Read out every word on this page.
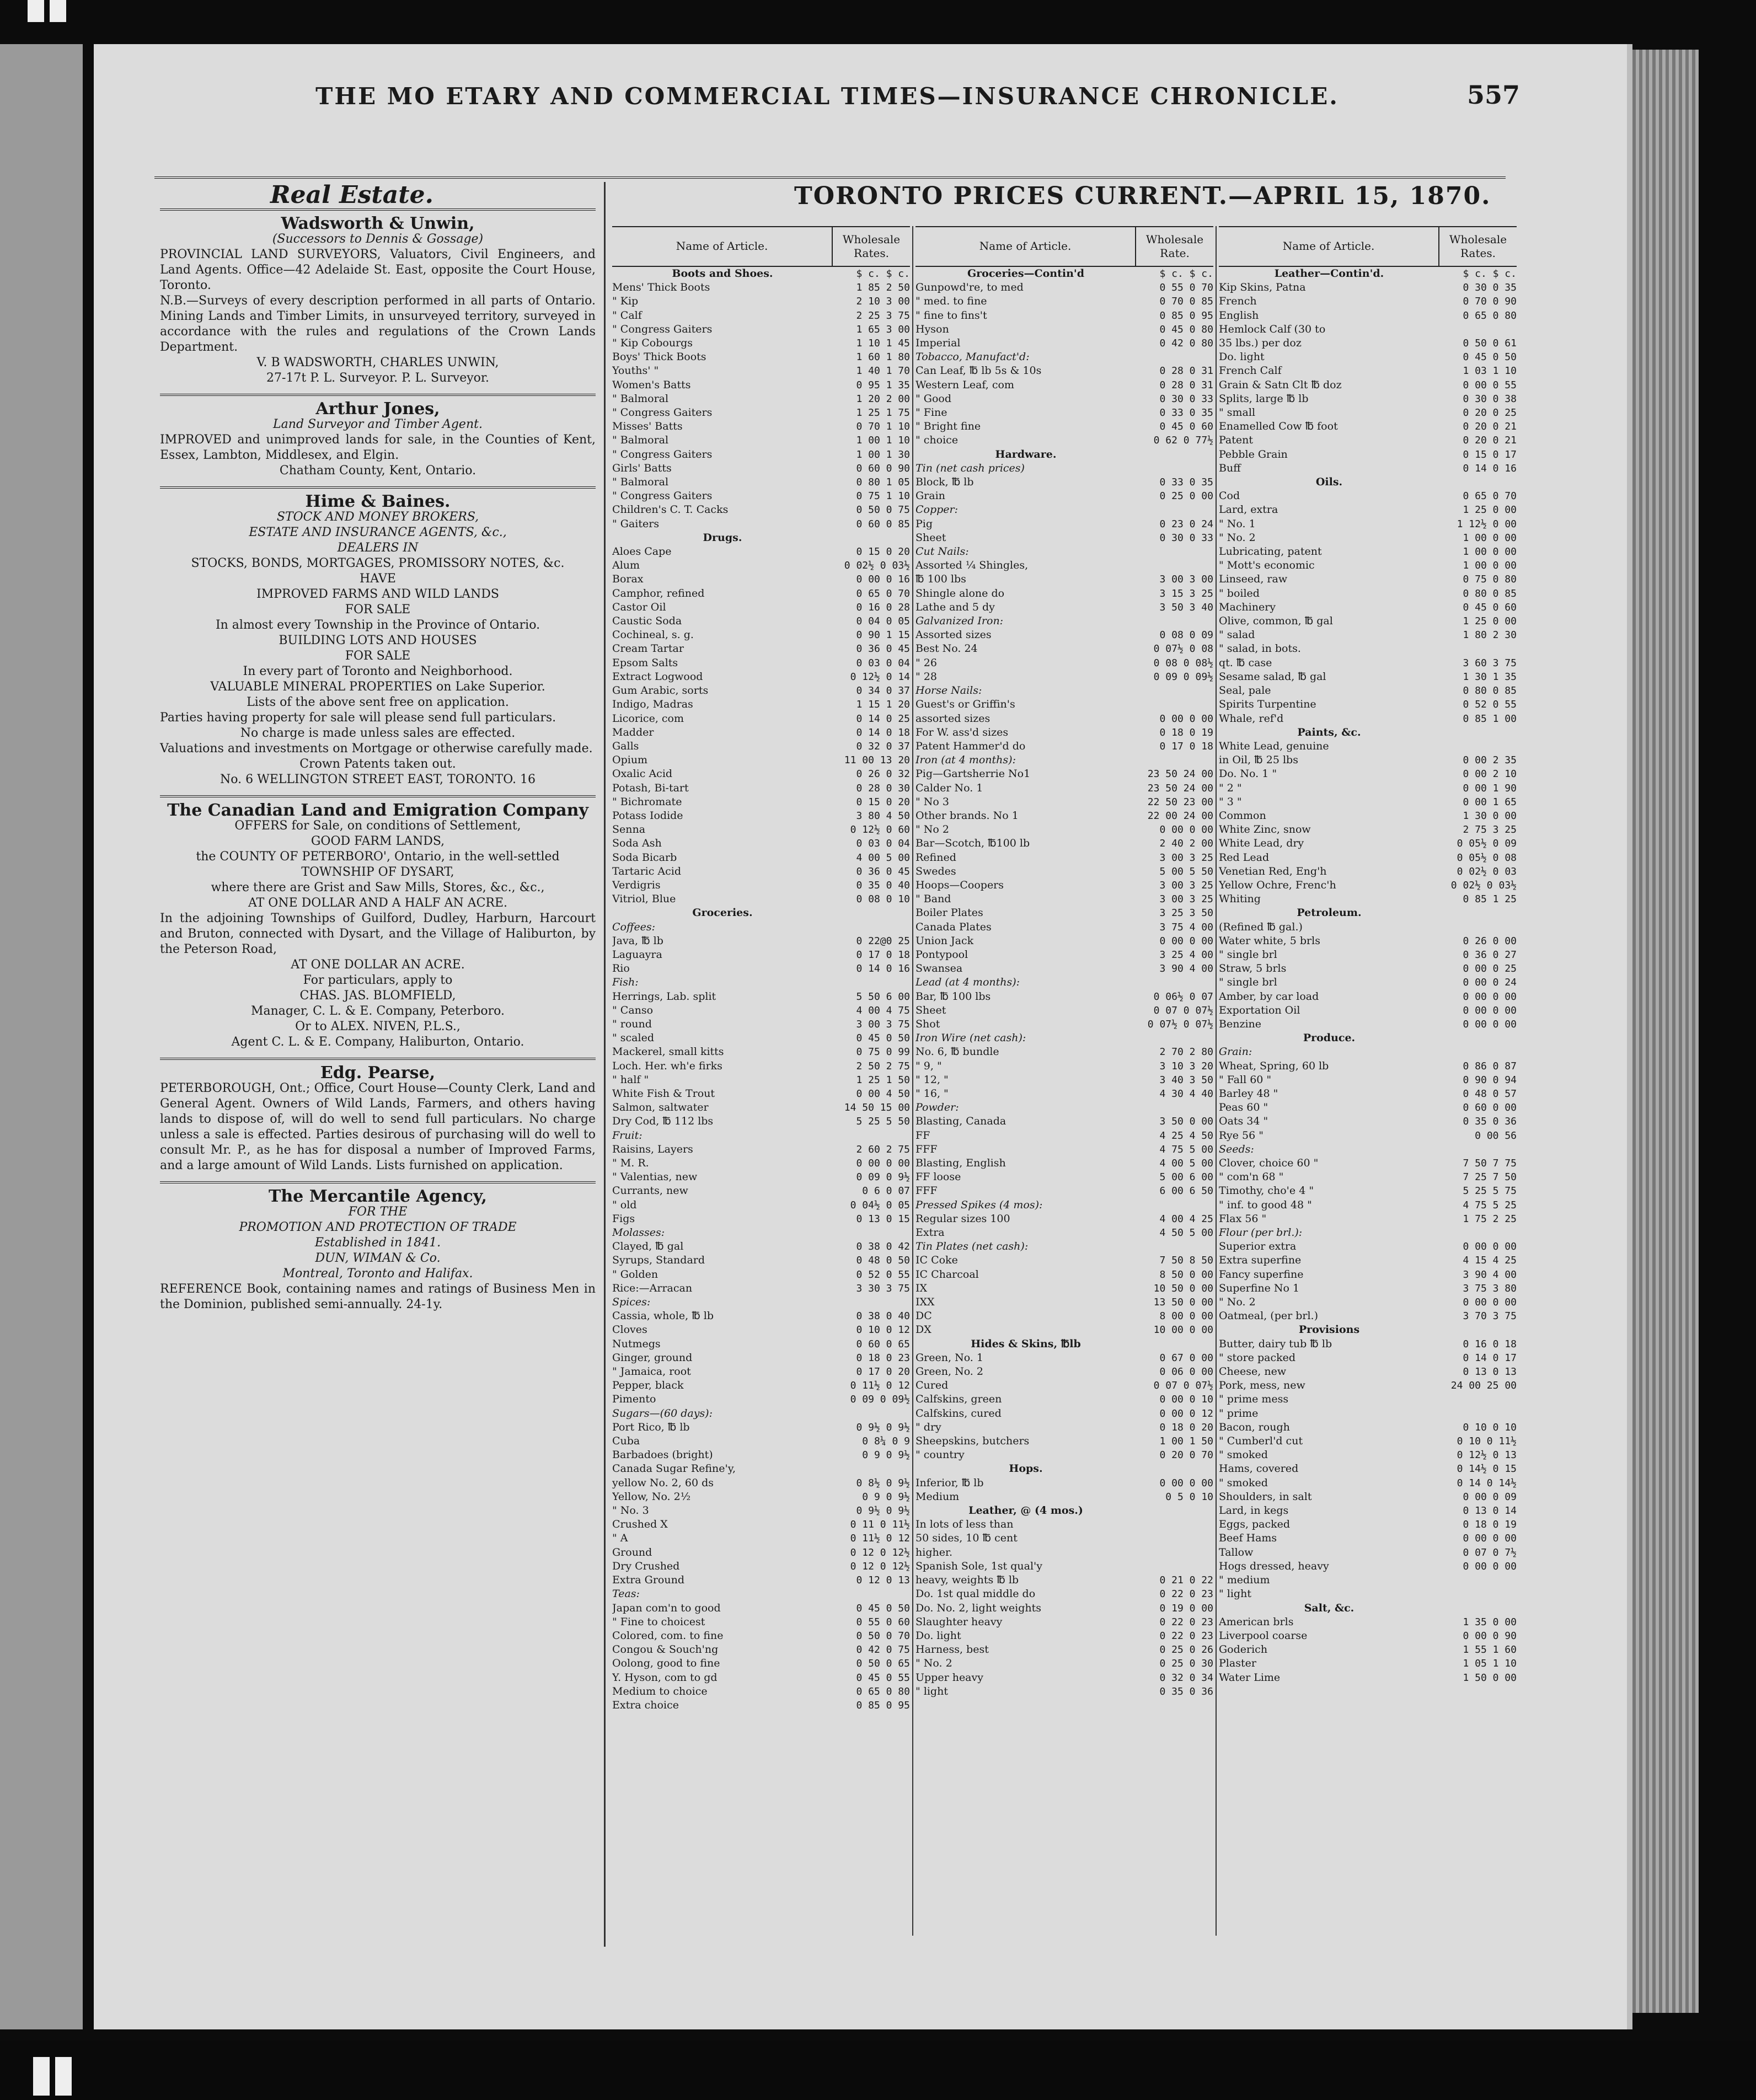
THE MO ETARY AND COMMERCIAL TIMES—INSURANCE CHRONICLE.	557
Real Estate.
Wadsworth & Unwin,
(Successors to Dennis & Gossage)
PROVINCIAL LAND SURVEYORS, Valuators, Civil Engineers, and Land Agents. Office—42 Adelaide St. East, opposite the Court House, Toronto.
N.B.—Surveys of every description performed in all parts of Ontario. Mining Lands and Timber Limits, in unsurveyed territory, surveyed in accordance with the rules and regulations of the Crown Lands Department.
V. B WADSWORTH, CHARLES UNWIN,
27-17t P. L. Surveyor. P. L. Surveyor.
Arthur Jones,
Land Surveyor and Timber Agent.
IMPROVED and unimproved lands for sale, in the Counties of Kent, Essex, Lambton, Middlesex, and Elgin.
Chatham County, Kent, Ontario.
Hime & Baines.
STOCK AND MONEY BROKERS,
ESTATE AND INSURANCE AGENTS, &c.,
DEALERS IN
STOCKS, BONDS, MORTGAGES, PROMISSORY NOTES, &c.
HAVE
IMPROVED FARMS AND WILD LANDS
FOR SALE
In almost every Township in the Province of Ontario.
BUILDING LOTS AND HOUSES
FOR SALE
In every part of Toronto and Neighborhood.
VALUABLE MINERAL PROPERTIES on Lake Superior.
Lists of the above sent free on application.
Parties having property for sale will please send full particulars.
No charge is made unless sales are effected.
Valuations and investments on Mortgage or otherwise carefully made.
Crown Patents taken out.
No. 6 WELLINGTON STREET EAST, TORONTO. 16
The Canadian Land and Emigration Company
OFFERS for Sale, on conditions of Settlement,
GOOD FARM LANDS,
the COUNTY OF PETERBORO', Ontario, in the well-settled
TOWNSHIP OF DYSART,
where there are Grist and Saw Mills, Stores, &c., &c.,
AT ONE DOLLAR AND A HALF AN ACRE.
In the adjoining Townships of Guilford, Dudley, Harburn, Harcourt and Bruton, connected with Dysart, and the Village of Haliburton, by the Peterson Road,
AT ONE DOLLAR AN ACRE.
For particulars, apply to
CHAS. JAS. BLOMFIELD,
Manager, C. L. & E. Company, Peterboro.
Or to ALEX. NIVEN, P.L.S.,
Agent C. L. & E. Company, Haliburton, Ontario.
Edg. Pearse,
PETERBOROUGH, Ont.; Office, Court House—County Clerk, Land and General Agent. Owners of Wild Lands, Farmers, and others having lands to dispose of, will do well to send full particulars. No charge unless a sale is effected. Parties desirous of purchasing will do well to consult Mr. P., as he has for disposal a number of Improved Farms, and a large amount of Wild Lands. Lists furnished on application.
The Mercantile Agency,
FOR THE
PROMOTION AND PROTECTION OF TRADE
Established in 1841.
DUN, WIMAN & Co.
Montreal, Toronto and Halifax.
REFERENCE Book, containing names and ratings of Business Men in the Dominion, published semi-annually. 24-1y.
TORONTO PRICES CURRENT.—APRIL 15, 1870.
Name of Article.
Wholesale Rates.
Boots and Shoes.	$ c. $ c.
Mens' Thick Boots	1 85 2 50
" Kip	2 10 3 00
" Calf	2 25 3 75
" Congress Gaiters	1 65 3 00
" Kip Cobourgs	1 10 1 45
Boys' Thick Boots	1 60 1 80
Youths' "	1 40 1 70
Women's Batts	0 95 1 35
" Balmoral	1 20 2 00
" Congress Gaiters	1 25 1 75
Misses' Batts	0 70 1 10
" Balmoral	1 00 1 10
" Congress Gaiters	1 00 1 30
Girls' Batts	0 60 0 90
" Balmoral	0 80 1 05
" Congress Gaiters	0 75 1 10
Children's C. T. Cacks	0 50 0 75
" Gaiters	0 60 0 85
Drugs.
Aloes Cape	0 15 0 20
Alum	0 02½ 0 03½
Borax	0 00 0 16
Camphor, refined	0 65 0 70
Castor Oil	0 16 0 28
Caustic Soda	0 04 0 05
Cochineal, s. g.	0 90 1 15
Cream Tartar	0 36 0 45
Epsom Salts	0 03 0 04
Extract Logwood	0 12½ 0 14
Gum Arabic, sorts	0 34 0 37
Indigo, Madras	1 15 1 20
Licorice, com	0 14 0 25
Madder	0 14 0 18
Galls	0 32 0 37
Opium	11 00 13 20
Oxalic Acid	0 26 0 32
Potash, Bi-tart	0 28 0 30
" Bichromate	0 15 0 20
Potass Iodide	3 80 4 50
Senna	0 12½ 0 60
Soda Ash	0 03 0 04
Soda Bicarb	4 00 5 00
Tartaric Acid	0 36 0 45
Verdigris	0 35 0 40
Vitriol, Blue	0 08 0 10
Groceries.
Coffees:
Java, ℔ lb	0 22@0 25
Laguayra	0 17 0 18
Rio	0 14 0 16
Fish:
Herrings, Lab. split	5 50 6 00
" Canso	4 00 4 75
" round	3 00 3 75
" scaled	0 45 0 50
Mackerel, small kitts	0 75 0 99
Loch. Her. wh'e firks	2 50 2 75
" half "	1 25 1 50
White Fish & Trout	0 00 4 50
Salmon, saltwater	14 50 15 00
Dry Cod, ℔ 112 lbs	5 25 5 50
Fruit:
Raisins, Layers	2 60 2 75
" M. R.	0 00 0 00
" Valentias, new	0 09 0 9½
Currants, new	0 6 0 07
" old	0 04½ 0 05
Figs	0 13 0 15
Molasses:
Clayed, ℔ gal	0 38 0 42
Syrups, Standard	0 48 0 50
" Golden	0 52 0 55
Rice:—Arracan	3 30 3 75
Spices:
Cassia, whole, ℔ lb	0 38 0 40
Cloves	0 10 0 12
Nutmegs	0 60 0 65
Ginger, ground	0 18 0 23
" Jamaica, root	0 17 0 20
Pepper, black	0 11½ 0 12
Pimento	0 09 0 09½
Sugars—(60 days):
Port Rico, ℔ lb	0 9½ 0 9½
Cuba	0 8¼ 0 9
Barbadoes (bright)	0 9 0 9½
Canada Sugar Refine'y,
yellow No. 2, 60 ds	0 8½ 0 9½
Yellow, No. 2½	0 9 0 9½
" No. 3	0 9½ 0 9½
Crushed X	0 11 0 11½
" A	0 11½ 0 12
Ground	0 12 0 12½
Dry Crushed	0 12 0 12½
Extra Ground	0 12 0 13
Teas:
Japan com'n to good	0 45 0 50
" Fine to choicest	0 55 0 60
Colored, com. to fine	0 50 0 70
Congou & Souch'ng	0 42 0 75
Oolong, good to fine	0 50 0 65
Y. Hyson, com to gd	0 45 0 55
Medium to choice	0 65 0 80
Extra choice	0 85 0 95
Name of Article.
Wholesale Rate.
Groceries—Contin'd	$ c. $ c.
Gunpowd're, to med	0 55 0 70
" med. to fine	0 70 0 85
" fine to fins't	0 85 0 95
Hyson	0 45 0 80
Imperial	0 42 0 80
Tobacco, Manufact'd:
Can Leaf, ℔ lb 5s & 10s	0 28 0 31
Western Leaf, com	0 28 0 31
" Good	0 30 0 33
" Fine	0 33 0 35
" Bright fine	0 45 0 60
" choice	0 62 0 77½
Hardware.
Tin (net cash prices)
Block, ℔ lb	0 33 0 35
Grain	0 25 0 00
Copper:
Pig	0 23 0 24
Sheet	0 30 0 33
Cut Nails:
Assorted ¼ Shingles,
℔ 100 lbs	3 00 3 00
Shingle alone do	3 15 3 25
Lathe and 5 dy	3 50 3 40
Galvanized Iron:
Assorted sizes	0 08 0 09
Best No. 24	0 07½ 0 08
" 26	0 08 0 08½
" 28	0 09 0 09½
Horse Nails:
Guest's or Griffin's
assorted sizes	0 00 0 00
For W. ass'd sizes	0 18 0 19
Patent Hammer'd do	0 17 0 18
Iron (at 4 months):
Pig—Gartsherrie No1	23 50 24 00
Calder No. 1	23 50 24 00
" No 3	22 50 23 00
Other brands. No 1	22 00 24 00
" No 2	0 00 0 00
Bar—Scotch, ℔100 lb	2 40 2 00
Refined	3 00 3 25
Swedes	5 00 5 50
Hoops—Coopers	3 00 3 25
" Band	3 00 3 25
Boiler Plates	3 25 3 50
Canada Plates	3 75 4 00
Union Jack	0 00 0 00
Pontypool	3 25 4 00
Swansea	3 90 4 00
Lead (at 4 months):
Bar, ℔ 100 lbs	0 06½ 0 07
Sheet	0 07 0 07½
Shot	0 07½ 0 07½
Iron Wire (net cash):
No. 6, ℔ bundle	2 70 2 80
" 9, "	3 10 3 20
" 12, "	3 40 3 50
" 16, "	4 30 4 40
Powder:
Blasting, Canada	3 50 0 00
FF	4 25 4 50
FFF	4 75 5 00
Blasting, English	4 00 5 00
FF loose	5 00 6 00
FFF	6 00 6 50
Pressed Spikes (4 mos):
Regular sizes 100	4 00 4 25
Extra	4 50 5 00
Tin Plates (net cash):
IC Coke	7 50 8 50
IC Charcoal	8 50 0 00
IX	10 50 0 00
IXX	13 50 0 00
DC	8 00 0 00
DX	10 00 0 00
Hides & Skins, ℔lb
Green, No. 1	0 67 0 00
Green, No. 2	0 06 0 00
Cured	0 07 0 07½
Calfskins, green	0 00 0 10
Calfskins, cured	0 00 0 12
" dry	0 18 0 20
Sheepskins, butchers	1 00 1 50
" country	0 20 0 70
Hops.
Inferior, ℔ lb	0 00 0 00
Medium	0 5 0 10
Leather, @ (4 mos.)
In lots of less than
50 sides, 10 ℔ cent
higher.
Spanish Sole, 1st qual'y
heavy, weights ℔ lb	0 21 0 22
Do. 1st qual middle do	0 22 0 23
Do. No. 2, light weights	0 19 0 00
Slaughter heavy	0 22 0 23
Do. light	0 22 0 23
Harness, best	0 25 0 26
" No. 2	0 25 0 30
Upper heavy	0 32 0 34
" light	0 35 0 36
Name of Article.
Wholesale Rates.
Leather—Contin'd.	$ c. $ c.
Kip Skins, Patna	0 30 0 35
French	0 70 0 90
English	0 65 0 80
Hemlock Calf (30 to
35 lbs.) per doz	0 50 0 61
Do. light	0 45 0 50
French Calf	1 03 1 10
Grain & Satn Clt ℔ doz	0 00 0 55
Splits, large ℔ lb	0 30 0 38
" small	0 20 0 25
Enamelled Cow ℔ foot	0 20 0 21
Patent	0 20 0 21
Pebble Grain	0 15 0 17
Buff	0 14 0 16
Oils.
Cod	0 65 0 70
Lard, extra	1 25 0 00
" No. 1	1 12½ 0 00
" No. 2	1 00 0 00
Lubricating, patent	1 00 0 00
" Mott's economic	1 00 0 00
Linseed, raw	0 75 0 80
" boiled	0 80 0 85
Machinery	0 45 0 60
Olive, common, ℔ gal	1 25 0 00
" salad	1 80 2 30
" salad, in bots.
qt. ℔ case	3 60 3 75
Sesame salad, ℔ gal	1 30 1 35
Seal, pale	0 80 0 85
Spirits Turpentine	0 52 0 55
Whale, ref'd	0 85 1 00
Paints, &c.
White Lead, genuine
in Oil, ℔ 25 lbs	0 00 2 35
Do. No. 1 "	0 00 2 10
" 2 "	0 00 1 90
" 3 "	0 00 1 65
Common	1 30 0 00
White Zinc, snow	2 75 3 25
White Lead, dry	0 05½ 0 09
Red Lead	0 05½ 0 08
Venetian Red, Eng'h	0 02½ 0 03
Yellow Ochre, Frenc'h	0 02½ 0 03½
Whiting	0 85 1 25
Petroleum.
(Refined ℔ gal.)
Water white, 5 brls	0 26 0 00
" single brl	0 36 0 27
Straw, 5 brls	0 00 0 25
" single brl	0 00 0 24
Amber, by car load	0 00 0 00
Exportation Oil	0 00 0 00
Benzine	0 00 0 00
Produce.
Grain:
Wheat, Spring, 60 lb	0 86 0 87
" Fall 60 "	0 90 0 94
Barley 48 "	0 48 0 57
Peas 60 "	0 60 0 00
Oats 34 "	0 35 0 36
Rye 56 "	0 00 56
Seeds:
Clover, choice 60 "	7 50 7 75
" com'n 68 "	7 25 7 50
Timothy, cho'e 4 "	5 25 5 75
" inf. to good 48 "	4 75 5 25
Flax 56 "	1 75 2 25
Flour (per brl.):
Superior extra	0 00 0 00
Extra superfine	4 15 4 25
Fancy superfine	3 90 4 00
Superfine No 1	3 75 3 80
" No. 2	0 00 0 00
Oatmeal, (per brl.)	3 70 3 75
Provisions
Butter, dairy tub ℔ lb	0 16 0 18
" store packed	0 14 0 17
Cheese, new	0 13 0 13
Pork, mess, new	24 00 25 00
" prime mess
" prime
Bacon, rough	0 10 0 10
" Cumberl'd cut	0 10 0 11½
" smoked	0 12½ 0 13
Hams, covered	0 14½ 0 15
" smoked	0 14 0 14½
Shoulders, in salt	0 00 0 09
Lard, in kegs	0 13 0 14
Eggs, packed	0 18 0 19
Beef Hams	0 00 0 00
Tallow	0 07 0 7½
Hogs dressed, heavy	0 00 0 00
" medium
" light
Salt, &c.
American brls	1 35 0 00
Liverpool coarse	0 00 0 90
Goderich	1 55 1 60
Plaster	1 05 1 10
Water Lime	1 50 0 00
